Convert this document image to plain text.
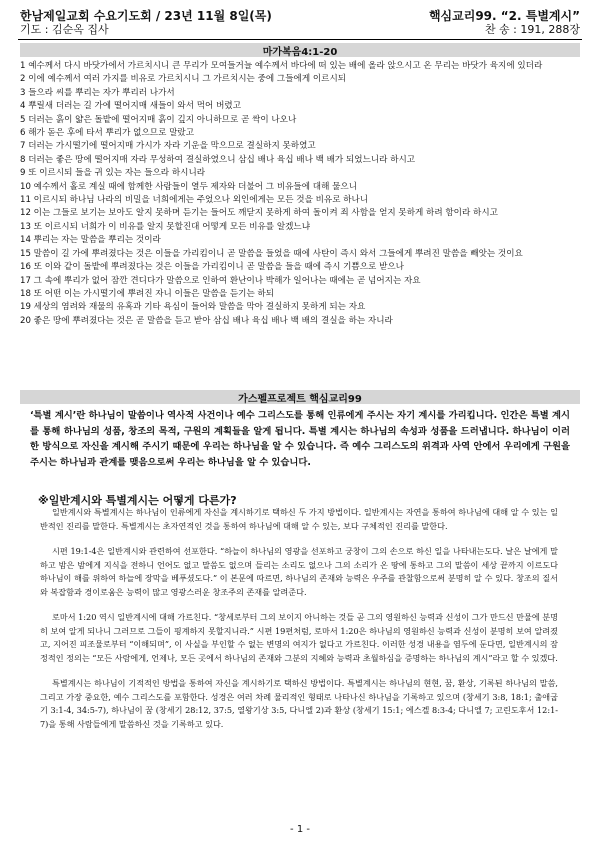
한남제일교회 수요기도회 / 23년 11월 8일(목)	핵심교리99. “2. 특별계시”
기도 : 김순옥 집사	찬 송 : 191, 288장
마가복음4:1-20
1 예수께서 다시 바닷가에서 가르치시니 큰 무리가 모여들거늘 예수께서 바다에 떠 있는 배에 올라 앉으시고 온 무리는 바닷가 육지에 있더라
2 이에 예수께서 여러 가지를 비유로 가르치시니 그 가르치시는 중에 그들에게 이르시되
3 들으라 씨를 뿌리는 자가 뿌리러 나가서
4 뿌릴새 더러는 길 가에 떨어지매 새들이 와서 먹어 버렸고
5 더러는 흙이 얇은 돌밭에 떨어지매 흙이 깊지 아니하므로 곧 싹이 나오나
6 해가 돋은 후에 타서 뿌리가 없으므로 말랐고
7 더러는 가시떨기에 떨어지매 가시가 자라 기운을 막으므로 결실하지 못하였고
8 더러는 좋은 땅에 떨어지매 자라 무성하여 결실하였으니 삼십 배나 육십 배나 백 배가 되었느니라 하시고
9 또 이르시되 들을 귀 있는 자는 들으라 하시니라
10 예수께서 홀로 계실 때에 함께한 사람들이 열두 제자와 더불어 그 비유들에 대해 물으니
11 이르시되 하나님 나라의 비밀을 너희에게는 주었으나 외인에게는 모든 것을 비유로 하나니
12 이는 그들로 보기는 보아도 알지 못하며 듣기는 들어도 깨닫지 못하게 하여 돌이켜 죄 사함을 얻지 못하게 하려 함이라 하시고
13 또 이르시되 너희가 이 비유를 알지 못할진대 어떻게 모든 비유를 알겠느냐
14 뿌리는 자는 말씀을 뿌리는 것이라
15 말씀이 길 가에 뿌려졌다는 것은 이들을 가리킴이니 곧 말씀을 들었을 때에 사탄이 즉시 와서 그들에게 뿌려진 말씀을 빼앗는 것이요
16 또 이와 같이 돌밭에 뿌려졌다는 것은 이들을 가리킴이니 곧 말씀을 들을 때에 즉시 기쁨으로 받으나
17 그 속에 뿌리가 없어 잠깐 견디다가 말씀으로 인하여 환난이나 박해가 일어나는 때에는 곧 넘어지는 자요
18 또 어떤 이는 가시떨기에 뿌려진 자니 이들은 말씀을 듣기는 하되
19 세상의 염려와 재물의 유혹과 기타 욕심이 들어와 말씀을 막아 결실하지 못하게 되는 자요
20 좋은 땅에 뿌려졌다는 것은 곧 말씀을 듣고 받아 삼십 배나 육십 배나 백 배의 결실을 하는 자니라
가스펠프로젝트 핵심교리99

‘특별 계시’란 하나님이 말씀이나 역사적 사건이나 예수 그리스도를 통해 인류에게 주시는 자기 계시를 가리킵니다. 인간은 특별 계시를 통해 하나님의 성품, 창조의 목적, 구원의 계획들을 알게 됩니다. 특별 계시는 하나님의 속성과 성품을 드러냅니다. 하나님이 이러한 방식으로 자신을 계시해 주시기 때문에 우리는 하나님을 알 수 있습니다. 즉 예수 그리스도의 위격과 사역 안에서 우리에게 구원을 주시는 하나님과 관계를 맺음으로써 우리는 하나님을 알 수 있습니다.

※일반계시와 특별계시는 어떻게 다른가?

일반계시와 특별계시는 하나님이 인류에게 자신을 계시하기로 택하신 두 가지 방법이다. 일반계시는 자연을 통하여 하나님에 대해 알 수 있는 일반적인 진리를 말한다. 특별계시는 초자연적인 것을 통하여 하나님에 대해 알 수 있는, 보다 구체적인 진리를 말한다.

시편 19:1-4은 일반계시와 관련하여 선포한다. “하늘이 하나님의 영광을 선포하고 궁창이 그의 손으로 하신 일을 나타내는도다. 날은 날에게 말하고 밤은 밤에게 지식을 전하니 언어도 없고 말씀도 없으며 들리는 소리도 없으나 그의 소리가 온 땅에 통하고 그의 말씀이 세상 끝까지 이르도다 하나님이 해를 위하여 하늘에 장막을 베푸셨도다.” 이 본문에 따르면, 하나님의 존재와 능력은 우주를 관찰함으로써 분명히 알 수 있다. 창조의 질서와 복잡함과 경이로움은 능력이 많고 영광스러운 창조주의 존재를 알려준다.

로마서 1:20 역시 일반계시에 대해 가르친다. “창세로부터 그의 보이지 아니하는 것들 곧 그의 영원하신 능력과 신성이 그가 만드신 만물에 분명히 보여 알게 되나니 그러므로 그들이 핑계하지 못할지니라.” 시편 19편처럼, 로마서 1:20은 하나님의 영원하신 능력과 신성이 분명히 보여 알려졌고, 지어진 피조물로부터 “이해되며”, 이 사실을 부인할 수 없는 변명의 여지가 없다고 가르친다. 이러한 성경 내용을 염두에 둔다면, 일반계시의 잠정적인 정의는 “모든 사람에게, 언제나, 모든 곳에서 하나님의 존재와 그분의 지혜와 능력과 초월하심을 증명하는 하나님의 계시”라고 할 수 있겠다.

특별계시는 하나님이 기적적인 방법을 통하여 자신을 계시하기로 택하신 방법이다. 특별계시는 하나님의 현현, 꿈, 환상, 기록된 하나님의 말씀, 그리고 가장 중요한, 예수 그리스도를 포함한다. 성경은 여러 차례 물리적인 형태로 나타나신 하나님을 기록하고 있으며 (창세기 3:8, 18:1; 출애굽기 3:1-4, 34:5-7), 하나님이 꿈 (창세기 28:12, 37:5, 열왕기상 3:5, 다니엘 2)과 환상 (창세기 15:1; 에스겔 8:3-4; 다니엘 7; 고린도후서 12:1-7)을 통해 사람들에게 말씀하신 것을 기록하고 있다.

- 1 -
